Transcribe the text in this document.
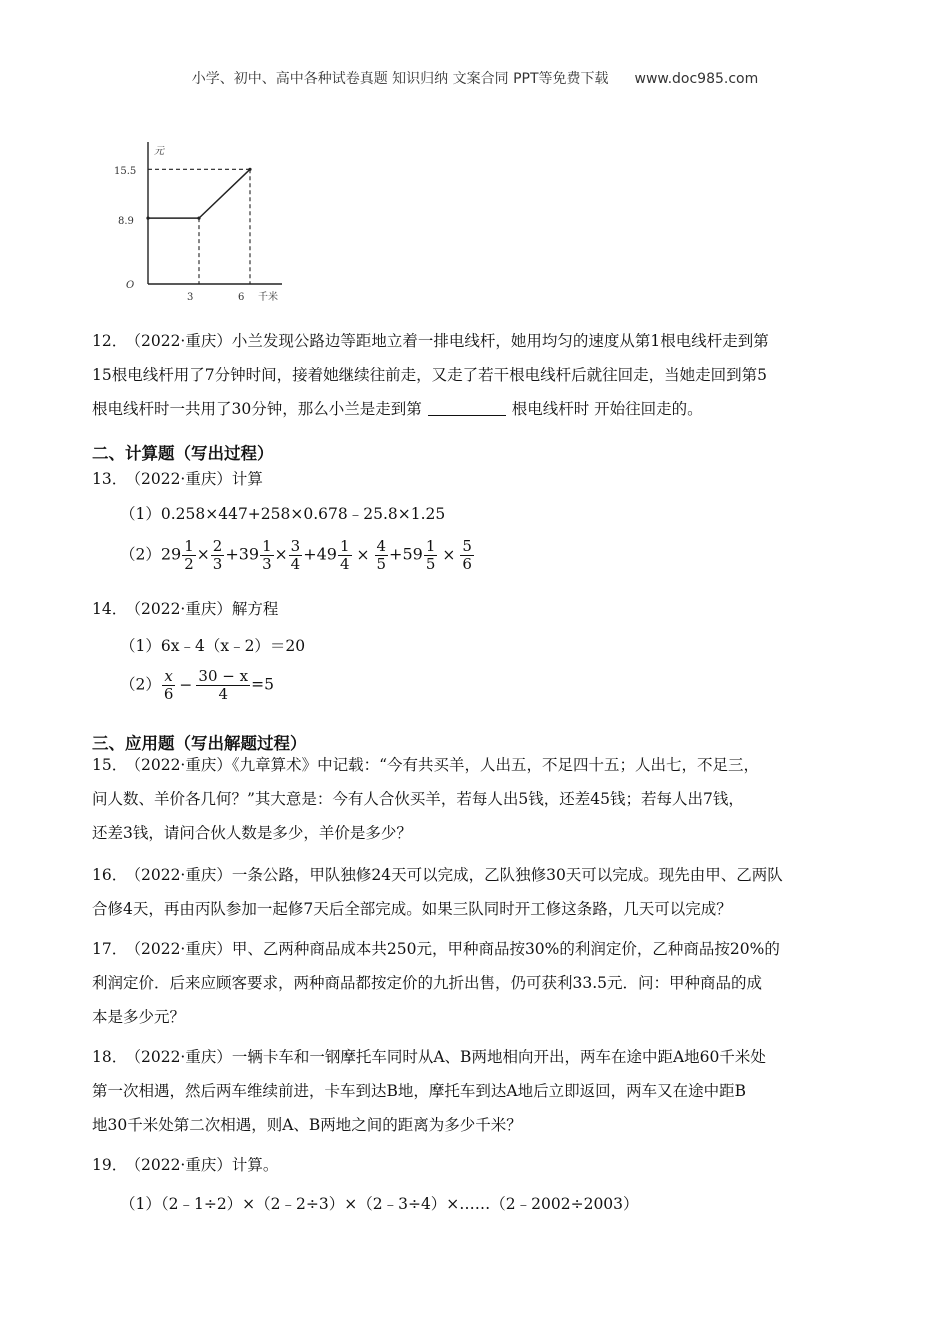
小学、初中、高中各种试卷真题 知识归纳 文案合同 PPT等免费下载 www.doc985.com
元
千米
O
15.5
8.9
3	6
12． （2022·重庆）小兰发现公路边等距地立着一排电线杆，她用均匀的速度从第1根电线杆走到第
15根电线杆用了7分钟时间，接着她继续往前走，又走了若干根电线杆后就往回走，当她走回到第5
根电线杆时一共用了30分钟，那么小兰是走到第	根电线杆时 开始往回走的。
二、计算题（写出过程）
13． （2022·重庆）计算
（1）0.258×447+258×0.678﹣25.8×1.25
$(2)29 \frac{1}{2} \times \frac{2}{3} +39 \frac{1}{3} \times \frac{3}{4} +49 \frac{1}{4} \times \frac{4}{5} +59 \frac{1}{5} \times \frac{5}{6}$
14． （2022·重庆）解方程
（1）6x﹣4（x﹣2）＝20
$(2) \frac{x}{6} - \frac{30 - x}{4} =5$
三、应用题（写出解题过程）
15． （2022·重庆）《九章算术》中记载：“今有共买羊，人出五，不足四十五；人出七，不足三，
问人数、羊价各几何？”其大意是：今有人合伙买羊，若每人出5钱，还差45钱；若每人出7钱，
还差3钱，请问合伙人数是多少，羊价是多少？
16． （2022·重庆）一条公路，甲队独修24天可以完成，乙队独修30天可以完成。现先由甲、乙两队
合修4天，再由丙队参加一起修7天后全部完成。如果三队同时开工修这条路，几天可以完成？
17． （2022·重庆）甲、乙两种商品成本共250元，甲种商品按30%的利润定价，乙种商品按20%的
利润定价．后来应顾客要求，两种商品都按定价的九折出售，仍可获利33.5元．问：甲种商品的成
本是多少元？
18． （2022·重庆）一辆卡车和一钢摩托车同时从A、B两地相向开出，两车在途中距A地60千米处
第一次相遇，然后两车维续前进，卡车到达B地，摩托车到达A地后立即返回，两车又在途中距B
地30千米处第二次相遇，则A、B两地之间的距离为多少千米？
19． （2022·重庆）计算。
（1）（2﹣1÷2）×（2﹣2÷3）×（2﹣3÷4）×……（2﹣2002÷2003）
